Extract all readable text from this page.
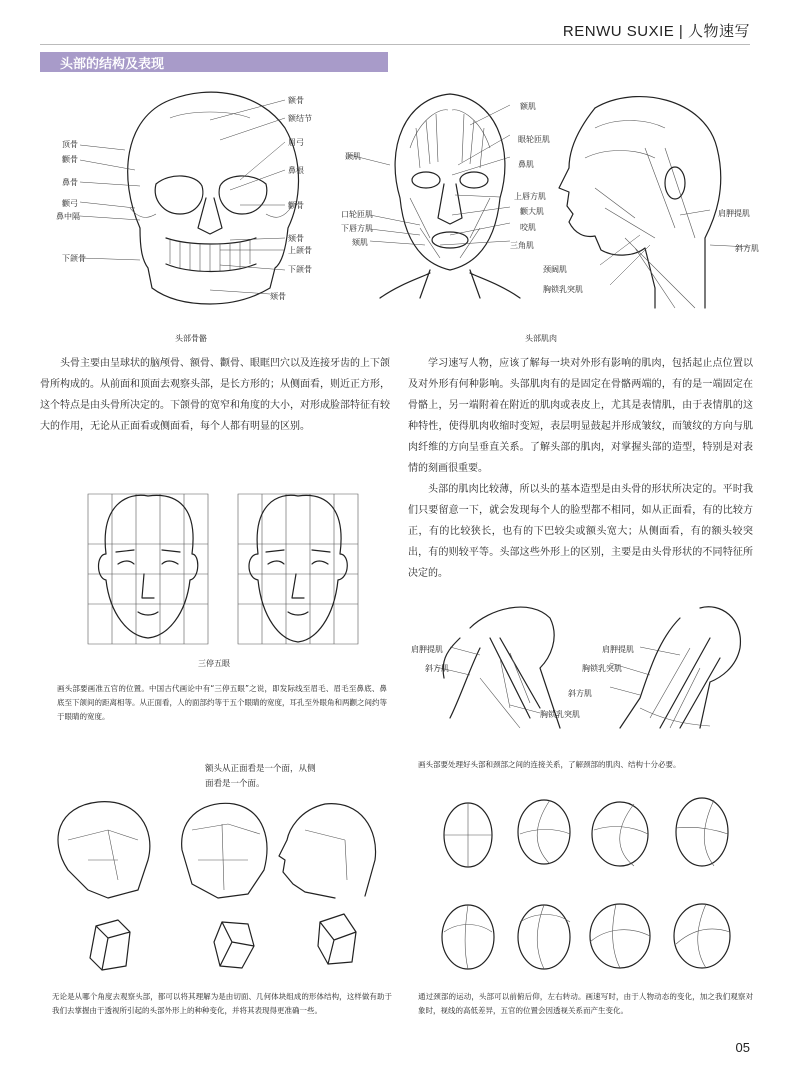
RENWU SUXIE | 人物速写
头部的结构及表现
顶骨
颧骨
鼻骨
颧弓
鼻中隔
下颌骨
额骨
额结节
眉弓
鼻根
颧骨
颏骨
上颌骨
下颌骨
颏骨
头部骨骼
额肌
颞肌
眼轮匝肌
鼻肌
上唇方肌
颧大肌
口轮匝肌
下唇方肌	咬肌
颏肌	三角肌
颈阔肌
胸锁乳突肌
肩胛提肌
斜方肌
头部肌肉

头骨主要由呈球状的脑颅骨、额骨、颧骨、眼眶凹穴以及连接牙齿的上下颌骨所构成的。从前面和顶面去观察头部，是长方形的；从侧面看，则近正方形，这个特点是由头骨所决定的。下颌骨的宽窄和角度的大小，对形成脸部特征有较大的作用，无论从正面看或侧面看，每个人都有明显的区别。

学习速写人物，应该了解每一块对外形有影响的肌肉，包括起止点位置以及对外形有何种影响。头部肌肉有的是固定在骨骼两端的，有的是一端固定在骨骼上，另一端附着在附近的肌肉或表皮上，尤其是表情肌，由于表情肌的这种特性，使得肌肉收缩时变短，表层明显鼓起并形成皱纹，而皱纹的方向与肌肉纤维的方向呈垂直关系。了解头部的肌肉，对掌握头部的造型，特别是对表情的刻画很重要。

头部的肌肉比较薄，所以头的基本造型是由头骨的形状所决定的。平时我们只要留意一下，就会发现每个人的脸型都不相同，如从正面看，有的比较方正，有的比较狭长，也有的下巴较尖或额头宽大；从侧面看，有的额头较突出，有的则较平等。头部这些外形上的区别，主要是由头骨形状的不同特征所决定的。

三停五眼

画头部要画准五官的位置。中国古代画论中有“三停五眼”之说，即发际线至眉毛、眉毛至鼻底、鼻底至下颌间的距离相等。从正面看，人的面部约等于五个眼睛的宽度，耳孔至外眼角和两颧之间约等于眼睛的宽度。

肩胛提肌
斜方肌
胸锁乳突肌
肩胛提肌
胸锁乳突肌
斜方肌

画头部要处理好头部和颈部之间的连接关系，了解颈部的肌肉、结构十分必要。

额头从正面看是一个面，从侧
面看是一个面。

无论是从哪个角度去观察头部，都可以将其理解为是由切面、几何体块组成的形体结构，这样做有助于我们去掌握由于透视所引起的头部外形上的种种变化，并将其表现得更准确一些。

通过颈部的运动，头部可以前俯后仰，左右转动。画速写时，由于人物动态的变化，加之我们观察对象时，视线的高低差异，五官的位置会因透视关系而产生变化。

05
